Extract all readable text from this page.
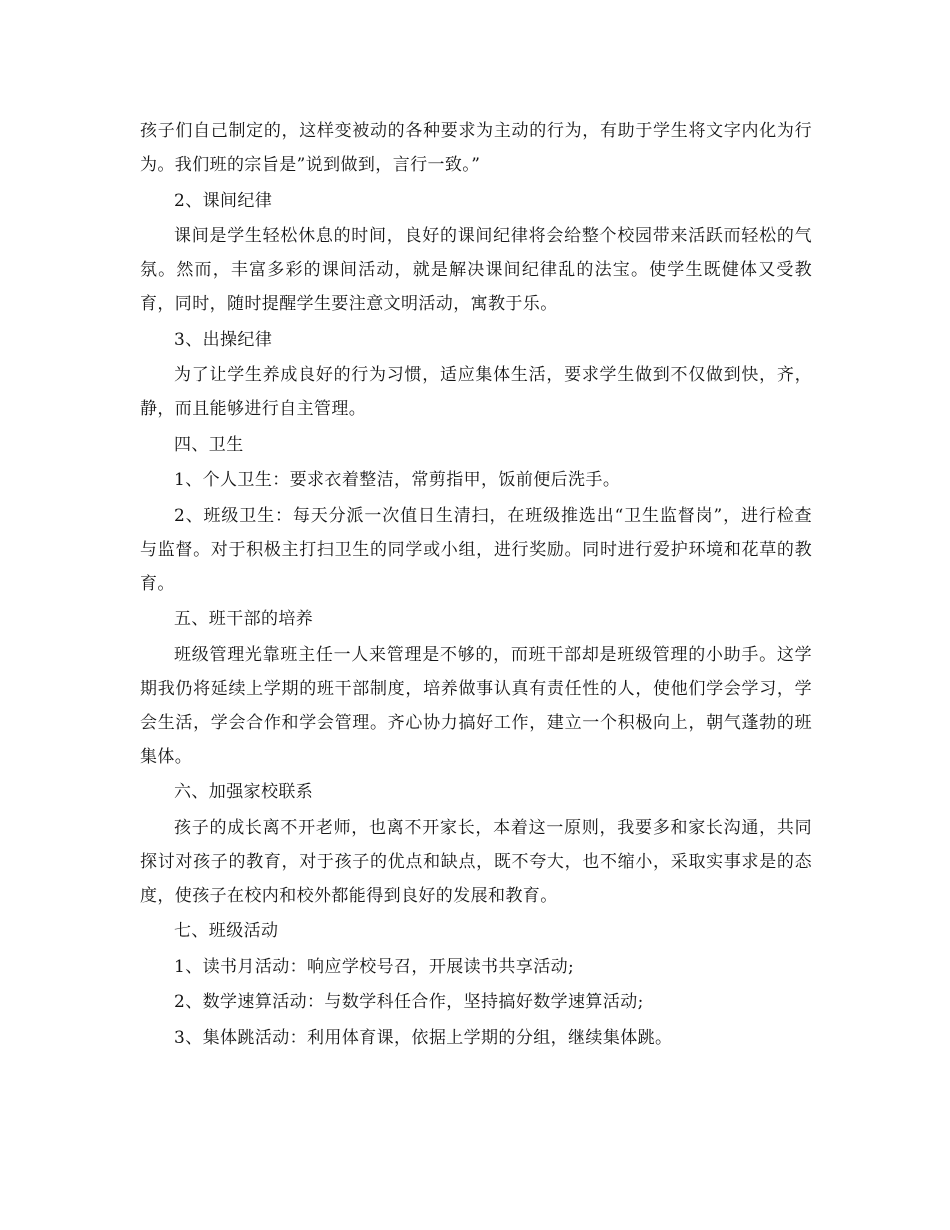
孩子们自己制定的，这样变被动的各种要求为主动的行为，有助于学生将文字内化为行为。我们班的宗旨是”说到做到，言行一致。”

2、课间纪律

课间是学生轻松休息的时间，良好的课间纪律将会给整个校园带来活跃而轻松的气氛。然而，丰富多彩的课间活动，就是解决课间纪律乱的法宝。使学生既健体又受教育，同时，随时提醒学生要注意文明活动，寓教于乐。

3、出操纪律

为了让学生养成良好的行为习惯，适应集体生活，要求学生做到不仅做到快，齐，静，而且能够进行自主管理。

四、卫生

1、个人卫生：要求衣着整洁，常剪指甲，饭前便后洗手。

2、班级卫生：每天分派一次值日生清扫，在班级推选出“卫生监督岗”，进行检查与监督。对于积极主打扫卫生的同学或小组，进行奖励。同时进行爱护环境和花草的教育。

五、班干部的培养

班级管理光靠班主任一人来管理是不够的，而班干部却是班级管理的小助手。这学期我仍将延续上学期的班干部制度，培养做事认真有责任性的人，使他们学会学习，学会生活，学会合作和学会管理。齐心协力搞好工作，建立一个积极向上，朝气蓬勃的班集体。

六、加强家校联系

孩子的成长离不开老师，也离不开家长，本着这一原则，我要多和家长沟通，共同探讨对孩子的教育，对于孩子的优点和缺点，既不夸大，也不缩小，采取实事求是的态度，使孩子在校内和校外都能得到良好的发展和教育。

七、班级活动

1、读书月活动：响应学校号召，开展读书共享活动;

2、数学速算活动：与数学科任合作，坚持搞好数学速算活动;

3、集体跳活动：利用体育课，依据上学期的分组，继续集体跳。
